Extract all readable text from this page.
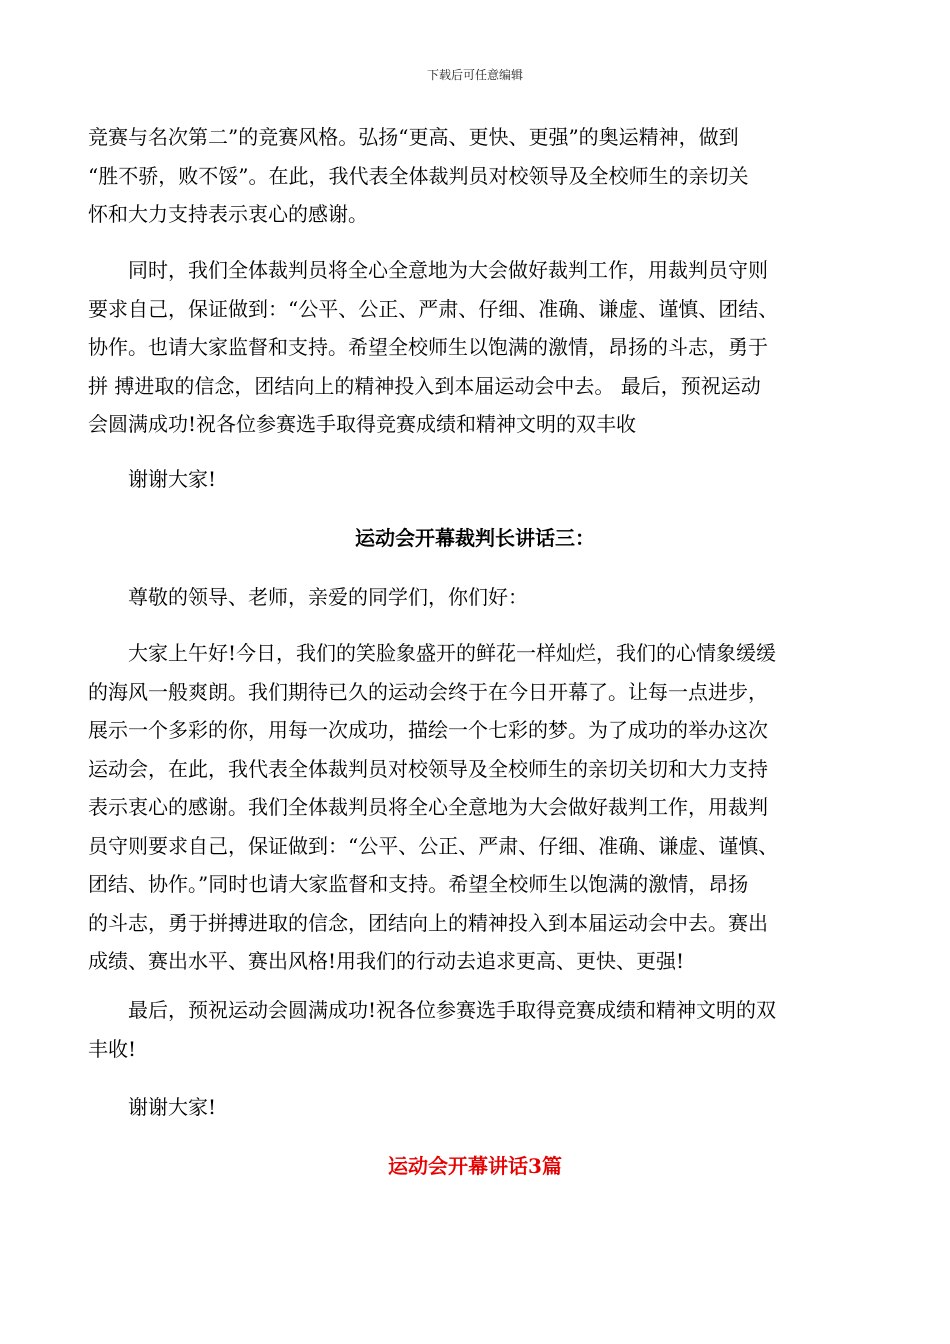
下载后可任意编辑
竞赛与名次第二”的竞赛风格。弘扬“更高、更快、更强”的奥运精神，做到
“胜不骄，败不馁”。在此，我代表全体裁判员对校领导及全校师生的亲切关
怀和大力支持表示衷心的感谢。
　　同时，我们全体裁判员将全心全意地为大会做好裁判工作，用裁判员守则
要求自己，保证做到：“公平、公正、严肃、仔细、准确、谦虚、谨慎、团结、
协作。也请大家监督和支持。希望全校师生以饱满的激情，昂扬的斗志，勇于
拼 搏进取的信念，团结向上的精神投入到本届运动会中去。 最后，预祝运动
会圆满成功!祝各位参赛选手取得竞赛成绩和精神文明的双丰收
　　谢谢大家!
运动会开幕裁判长讲话三：
　　尊敬的领导、老师，亲爱的同学们，你们好：
　　大家上午好!今日，我们的笑脸象盛开的鲜花一样灿烂，我们的心情象缓缓
的海风一般爽朗。我们期待已久的运动会终于在今日开幕了。让每一点进步，
展示一个多彩的你，用每一次成功，描绘一个七彩的梦。为了成功的举办这次
运动会，在此，我代表全体裁判员对校领导及全校师生的亲切关切和大力支持
表示衷心的感谢。我们全体裁判员将全心全意地为大会做好裁判工作，用裁判
员守则要求自己，保证做到：“公平、公正、严肃、仔细、准确、谦虚、谨慎、
团结、协作。”同时也请大家监督和支持。希望全校师生以饱满的激情，昂扬
的斗志，勇于拼搏进取的信念，团结向上的精神投入到本届运动会中去。赛出
成绩、赛出水平、赛出风格!用我们的行动去追求更高、更快、更强!
　　最后，预祝运动会圆满成功!祝各位参赛选手取得竞赛成绩和精神文明的双
丰收!
　　谢谢大家!
运动会开幕讲话3篇
